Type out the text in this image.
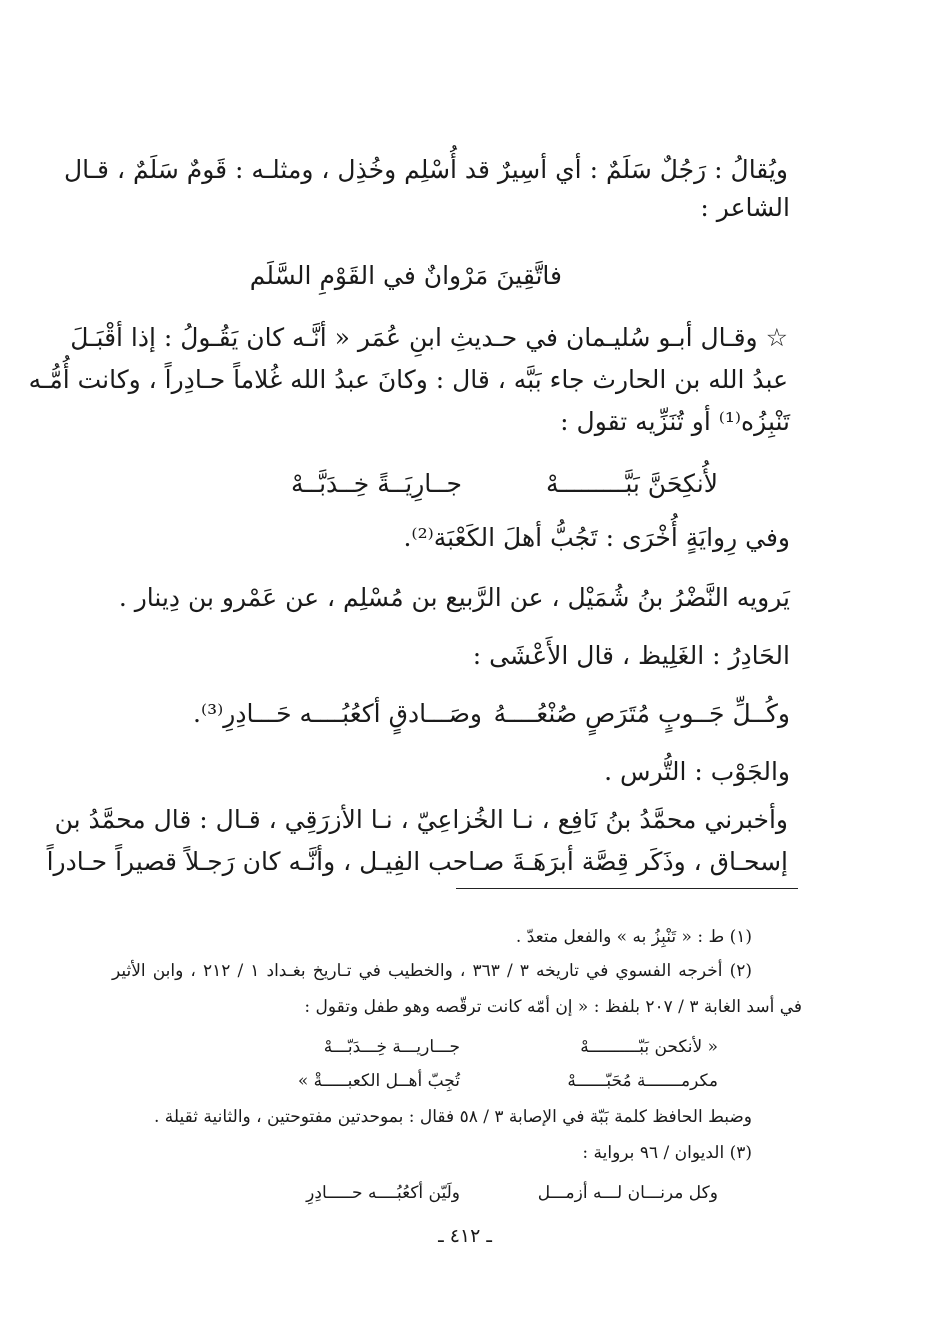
ويُقالُ : رَجُلٌ سَلَمٌ : أي أسِيرٌ قد أُسْلِم وخُذِل ، ومثلـه : قَومٌ سَلَمٌ ، قـال
الشاعر :
فاتَّقِينَ مَرْوانٌ في القَوْمِ السَّلَم
☆ وقـال أبـو سُليـمان في حـديثِ ابنِ عُمَر « أنَّـه كان يَقُـولُ : إذا أقْبَـلَ
عبدُ الله بن الحارث جاء بَبَّه ، قال : وكانَ عبدُ الله غُلاماً حـادِراً ، وكانت أُمُّـه
تَنْبِزُه⁽¹⁾ أو تُنَزِّيه تقول :
لأُنكِحَنَّ بَبَّـــــــــهْ
جــارِيَــةً خِــدَبَّــهْ
وفي رِوايَةٍ أُخْرَى : تَجُبُّ أهلَ الكَعْبَة⁽²⁾.
يَرويه النَّضْرُ بنُ شُمَيْل ، عن الرَّبيع بن مُسْلِم ، عن عَمْرو بن دِينار .
الحَادِرُ : الغَلِيظ ، قال الأَعْشَى :
وكُــلِّ جَــوبٍ مُتَرَصٍ صُنْعُــــهُ
وصَـــادقٍ أكعُبُــــه حَـــادِرِ⁽³⁾.
والجَوْب : التُّرس .
وأخبرني محمَّدُ بنُ نَافِع ، نـا الخُزاعِيّ ، نـا الأزرَقِي ، قـال : قال محمَّدُ بن
إسحـاق ، وذَكَر قِصَّة أبرَهَـةَ صـاحب الفِيـل ، وأنَّـه كان رَجـلاً قصيراً حـادراً
(١) ط : « تَنْبِزُ به » والفعل متعدّ .
(٢) أخرجه الفسوي في تاريخه ٣ / ٣٦٣ ، والخطيب في تـاريخ بغـداد ١ / ٢١٢ ، وابن الأثير
في أسد الغابة ٣ / ٢٠٧ بلفظ : « إن أمّه كانت ترقّصه وهو طفل وتقول :
« لأنكحن بَبّــــــــــهْ
جـــاريـــة خِـــدَبّـــهْ
مكرمـــــــة مُحَبّــــــهْ
تُجِبّ أهــل الكعبـــــةْ »
وضبط الحافظ كلمة بَبّة في الإصابة ٣ / ٥٨ فقال : بموحدتين مفتوحتين ، والثانية ثقيلة .
(٣) الديوان / ٩٦ برواية :
وكل مرنـــان لـــه أزمـــل
ولَيّن أكعُبُــــه حـــــادِرِ
ـ ٤١٢ ـ
